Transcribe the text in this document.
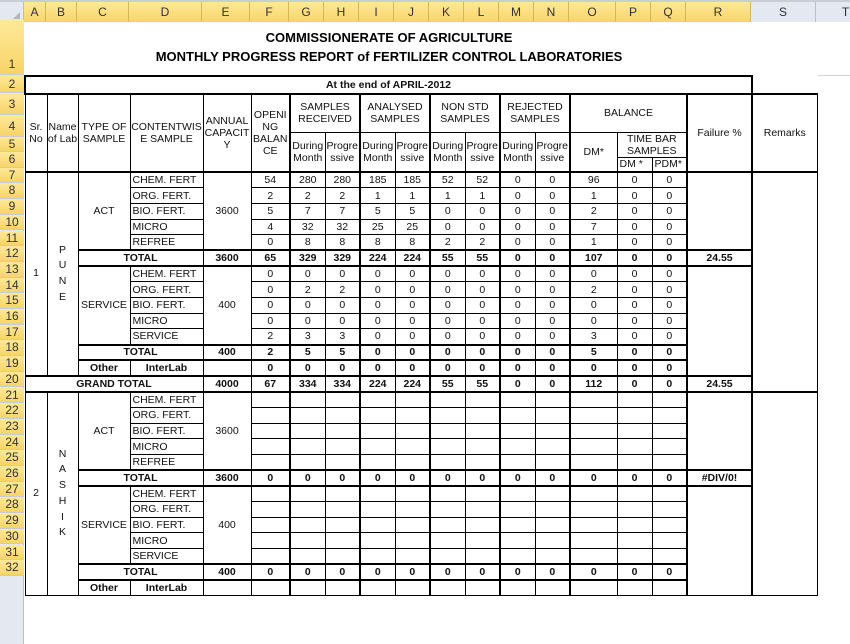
A	B	C	D	E	F	G	H	I	J	K	L	M	N	O	P	Q	R	S	T
1
2
3
4
5
6
7
8
9
10
11
12
13
14
15
16
17
18
19
20
21
22
23
24
25
26
27
28
29
30
31
32
COMMISSIONERATE OF AGRICULTURE
MONTHLY PROGRESS REPORT of FERTILIZER CONTROL LABORATORIES
At the end of APRIL-2012																		
Sr. No	Name of Lab	TYPE OF SAMPLE	CONTENTWIS E SAMPLE	ANNUAL CAPACIT Y	OPENI NG BALAN CE	SAMPLES RECEIVED		ANALYSED SAMPLES		NON STD SAMPLES		REJECTED SAMPLES		BALANCE			Failure %	Remarks
						During Month	Progre ssive	During Month	Progre ssive	During Month	Progre ssive	During Month	Progre ssive	DM*	TIME BAR SAMPLES			
															DM *	PDM*		
1	P
U
N
E	ACT	CHEM. FERT	3600	54	280	280	185	185	52	52	0	0	96	0	0		
			ORG. FERT.		2	2	2	1	1	1	1	0	0	1	0	0		
			BIO. FERT.		5	7	7	5	5	0	0	0	0	2	0	0		
			MICRO		4	32	32	25	25	0	0	0	0	7	0	0		
			REFREE		0	8	8	8	8	2	2	0	0	1	0	0		
		TOTAL		3600	65	329	329	224	224	55	55	0	0	107	0	0	24.55	
		SERVICE	CHEM. FERT	400	0	0	0	0	0	0	0	0	0	0	0	0		
			ORG. FERT.		0	2	2	0	0	0	0	0	0	2	0	0		
			BIO. FERT.		0	0	0	0	0	0	0	0	0	0	0	0		
			MICRO		0	0	0	0	0	0	0	0	0	0	0	0		
			SERVICE		2	3	3	0	0	0	0	0	0	3	0	0		
		TOTAL		400	2	5	5	0	0	0	0	0	0	5	0	0		
		Other	InterLab		0	0	0	0	0	0	0	0	0	0	0	0		
GRAND TOTAL				4000	67	334	334	224	224	55	55	0	0	112	0	0	24.55	
2	N
A
S
H
I
K	ACT	CHEM. FERT	3600														
			ORG. FERT.															
			BIO. FERT.															
			MICRO															
			REFREE															
		TOTAL		3600	0	0	0	0	0	0	0	0	0	0	0	0	#DIV/0!	
		SERVICE	CHEM. FERT	400														
			ORG. FERT.															
			BIO. FERT.															
			MICRO															
			SERVICE															
		TOTAL		400	0	0	0	0	0	0	0	0	0	0	0	0		
		Other	InterLab															
